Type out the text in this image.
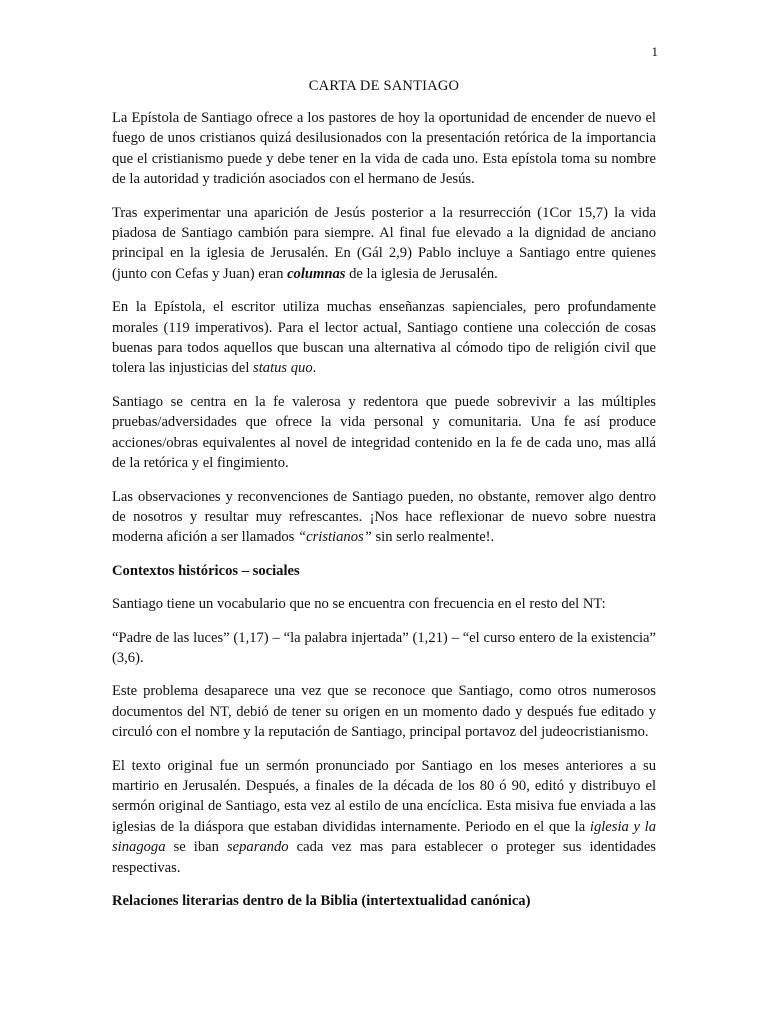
1
CARTA DE SANTIAGO

La Epístola de Santiago ofrece a los pastores de hoy la oportunidad de encender de nuevo el fuego de unos cristianos quizá desilusionados con la presentación retórica de la importancia que el cristianismo puede y debe tener en la vida de cada uno. Esta epístola toma su nombre de la autoridad y tradición asociados con el hermano de Jesús.

Tras experimentar una aparición de Jesús posterior a la resurrección (1Cor 15,7) la vida piadosa de Santiago cambión para siempre. Al final fue elevado a la dignidad de anciano principal en la iglesia de Jerusalén. En (Gál 2,9) Pablo incluye a Santiago entre quienes (junto con Cefas y Juan) eran columnas de la iglesia de Jerusalén.

En la Epístola, el escritor utiliza muchas enseñanzas sapienciales, pero profundamente morales (119 imperativos). Para el lector actual, Santiago contiene una colección de cosas buenas para todos aquellos que buscan una alternativa al cómodo tipo de religión civil que tolera las injusticias del status quo.

Santiago se centra en la fe valerosa y redentora que puede sobrevivir a las múltiples pruebas/adversidades que ofrece la vida personal y comunitaria. Una fe así produce acciones/obras equivalentes al novel de integridad contenido en la fe de cada uno, mas allá de la retórica y el fingimiento.

Las observaciones y reconvenciones de Santiago pueden, no obstante, remover algo dentro de nosotros y resultar muy refrescantes. ¡Nos hace reflexionar de nuevo sobre nuestra moderna afición a ser llamados “cristianos” sin serlo realmente!.

Contextos históricos – sociales

Santiago tiene un vocabulario que no se encuentra con frecuencia en el resto del NT:

“Padre de las luces” (1,17) – “la palabra injertada” (1,21) – “el curso entero de la existencia” (3,6).

Este problema desaparece una vez que se reconoce que Santiago, como otros numerosos documentos del NT, debió de tener su origen en un momento dado y después fue editado y circuló con el nombre y la reputación de Santiago, principal portavoz del judeocristianismo.

El texto original fue un sermón pronunciado por Santiago en los meses anteriores a su martirio en Jerusalén. Después, a finales de la década de los 80 ó 90, editó y distribuyo el sermón original de Santiago, esta vez al estilo de una encíclica. Esta misiva fue enviada a las iglesias de la diáspora que estaban divididas internamente. Periodo en el que la iglesia y la sinagoga se iban separando cada vez mas para establecer o proteger sus identidades respectivas.

Relaciones literarias dentro de la Biblia (intertextualidad canónica)
